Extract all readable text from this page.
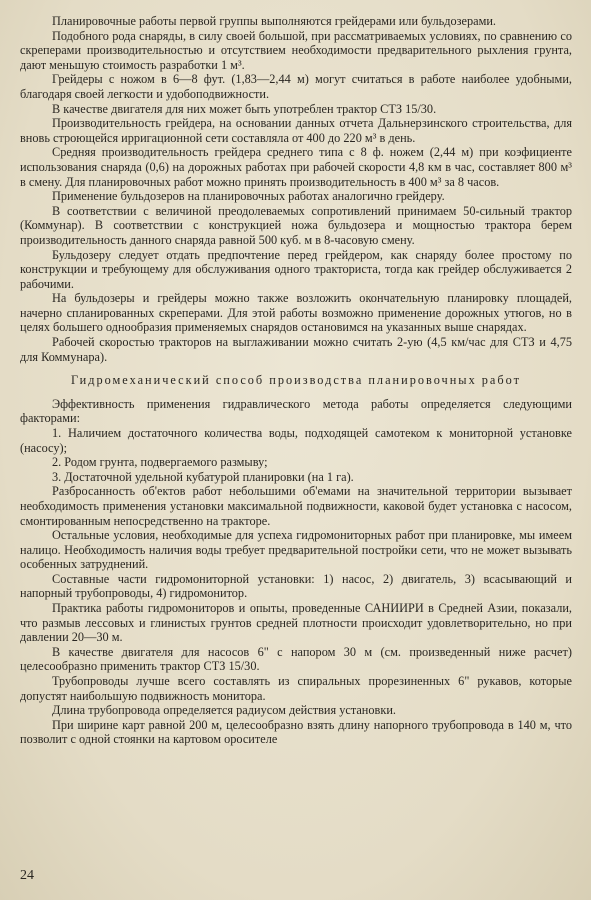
Планировочные работы первой группы выполняются грейдерами или бульдозерами.

Подобного рода снаряды, в силу своей большой, при рассматриваемых условиях, по сравнению со скреперами производительностью и отсутствием необходимости предварительного рыхления грунта, дают меньшую стоимость разработки 1 м³.

Грейдеры с ножом в 6—8 фут. (1,83—2,44 м) могут считаться в работе наиболее удобными, благодаря своей легкости и удобоподвижности.

В качестве двигателя для них может быть употреблен трактор СТЗ 15/30.

Производительность грейдера, на основании данных отчета Дальнерзинского строительства, для вновь строющейся ирригационной сети составляла от 400 до 220 м³ в день.

Средняя производительность грейдера среднего типа с 8 ф. ножем (2,44 м) при коэфициенте использования снаряда (0,6) на дорожных работах при рабочей скорости 4,8 км в час, составляет 800 м³ в смену. Для планировочных работ можно принять производительность в 400 м³ за 8 часов.

Применение бульдозеров на планировочных работах аналогично грейдеру.

В соответствии с величиной преодолеваемых сопротивлений принимаем 50-сильный трактор (Коммунар). В соответствии с конструкцией ножа бульдозера и мощностью трактора берем производительность данного снаряда равной 500 куб. м в 8-часовую смену.

Бульдозеру следует отдать предпочтение перед грейдером, как снаряду более простому по конструкции и требующему для обслуживания одного тракториста, тогда как грейдер обслуживается 2 рабочими.

На бульдозеры и грейдеры можно также возложить окончательную планировку площадей, начерно спланированных скреперами. Для этой работы возможно применение дорожных утюгов, но в целях большего однообразия применяемых снарядов остановимся на указанных выше снарядах.

Рабочей скоростью тракторов на выглаживании можно считать 2-ую (4,5 км/час для СТЗ и 4,75 для Коммунара).

Гидромеханический способ производства планировочных работ

Эффективность применения гидравлического метода работы определяется следующими факторами:

1. Наличием достаточного количества воды, подходящей самотеком к мониторной установке (насосу);

2. Родом грунта, подвергаемого размыву;

3. Достаточной удельной кубатурой планировки (на 1 га).

Разбросанность об'ектов работ небольшими об'емами на значительной территории вызывает необходимость применения установки максимальной подвижности, каковой будет установка с насосом, смонтированным непосредственно на тракторе.

Остальные условия, необходимые для успеха гидромониторных работ при планировке, мы имеем налицо. Необходимость наличия воды требует предварительной постройки сети, что не может вызывать особенных затруднений.

Составные части гидромониторной установки: 1) насос, 2) двигатель, 3) всасывающий и напорный трубопроводы, 4) гидромонитор.

Практика работы гидромониторов и опыты, проведенные САНИИРИ в Средней Азии, показали, что размыв лессовых и глинистых грунтов средней плотности происходит удовлетворительно, но при давлении 20—30 м.

В качестве двигателя для насосов 6" с напором 30 м (см. произведенный ниже расчет) целесообразно применить трактор СТЗ 15/30.

Трубопроводы лучше всего составлять из спиральных прорезиненных 6" рукавов, которые допустят наибольшую подвижность монитора.

Длина трубопровода определяется радиусом действия установки.

При ширине карт равной 200 м, целесообразно взять длину напорного трубопровода в 140 м, что позволит с одной стоянки на картовом оросителе

24
